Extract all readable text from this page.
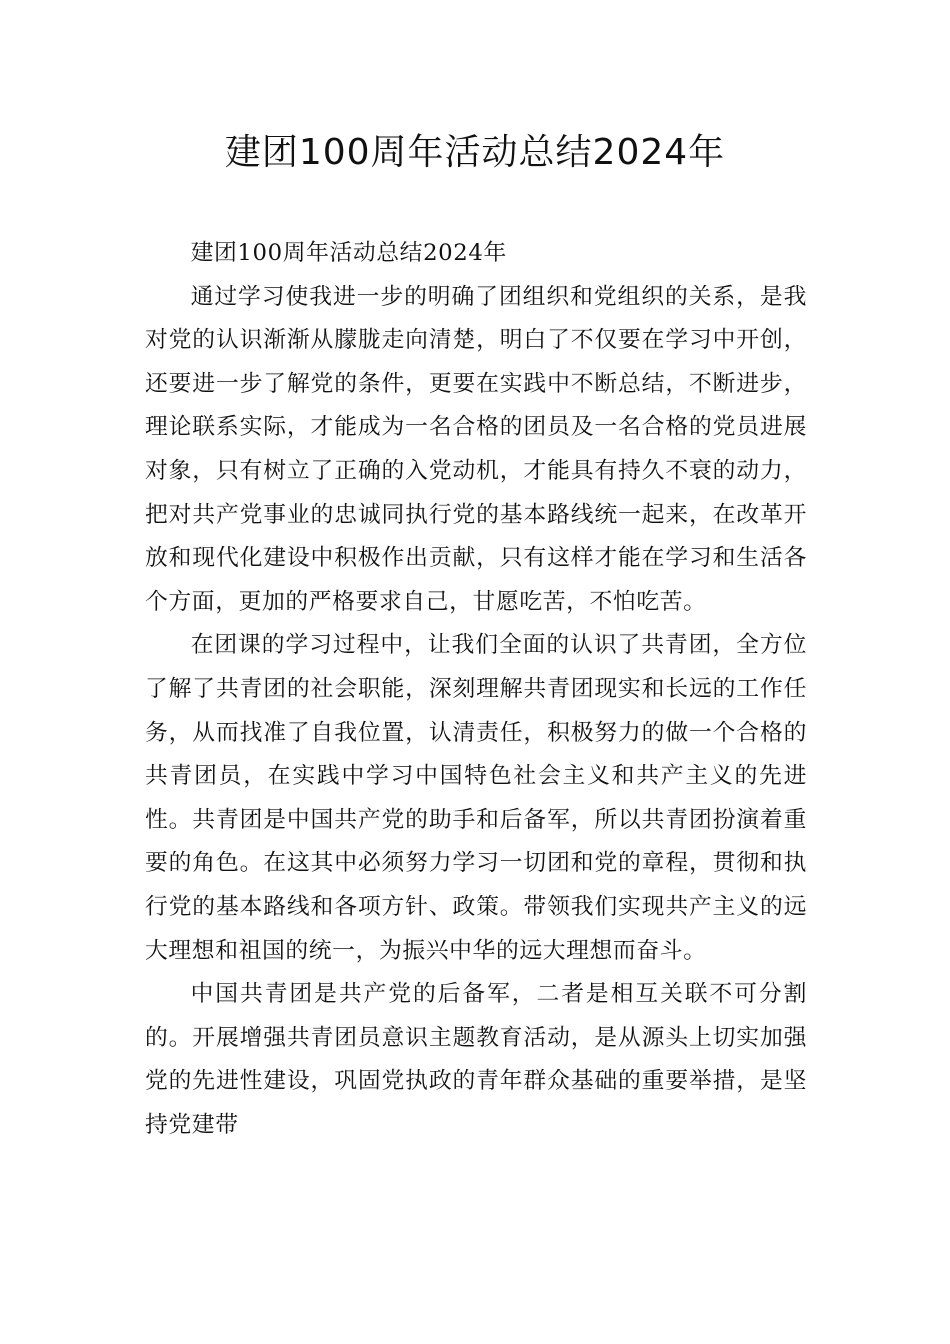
建团100周年活动总结2024年

建团100周年活动总结2024年

通过学习使我进一步的明确了团组织和党组织的关系，是我对党的认识渐渐从朦胧走向清楚，明白了不仅要在学习中开创，还要进一步了解党的条件，更要在实践中不断总结，不断进步，理论联系实际，才能成为一名合格的团员及一名合格的党员进展对象，只有树立了正确的入党动机，才能具有持久不衰的动力，把对共产党事业的忠诚同执行党的基本路线统一起来，在改革开放和现代化建设中积极作出贡献，只有这样才能在学习和生活各个方面，更加的严格要求自己，甘愿吃苦，不怕吃苦。

在团课的学习过程中，让我们全面的认识了共青团，全方位了解了共青团的社会职能，深刻理解共青团现实和长远的工作任务，从而找准了自我位置，认清责任，积极努力的做一个合格的共青团员，在实践中学习中国特色社会主义和共产主义的先进性。共青团是中国共产党的助手和后备军，所以共青团扮演着重要的角色。在这其中必须努力学习一切团和党的章程，贯彻和执行党的基本路线和各项方针、政策。带领我们实现共产主义的远大理想和祖国的统一，为振兴中华的远大理想而奋斗。

中国共青团是共产党的后备军，二者是相互关联不可分割的。开展增强共青团员意识主题教育活动，是从源头上切实加强党的先进性建设，巩固党执政的青年群众基础的重要举措，是坚持党建带
